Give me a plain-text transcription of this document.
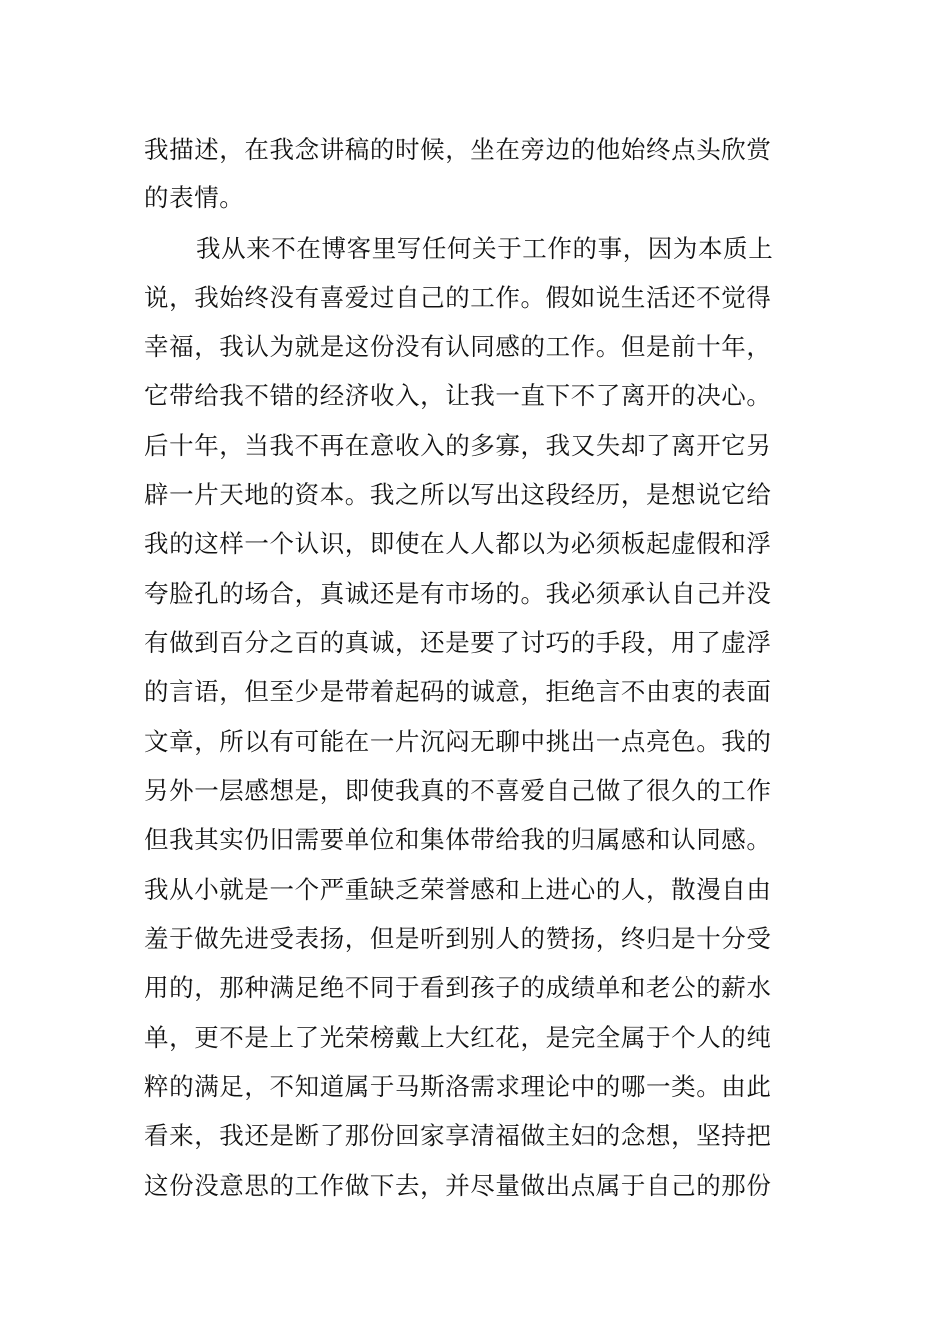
我描述，在我念讲稿的时候，坐在旁边的他始终点头欣赏
的表情。
我从来不在博客里写任何关于工作的事，因为本质上
说，我始终没有喜爱过自己的工作。假如说生活还不觉得
幸福，我认为就是这份没有认同感的工作。但是前十年，
它带给我不错的经济收入，让我一直下不了离开的决心。
后十年，当我不再在意收入的多寡，我又失却了离开它另
辟一片天地的资本。我之所以写出这段经历，是想说它给
我的这样一个认识，即使在人人都以为必须板起虚假和浮
夸脸孔的场合，真诚还是有市场的。我必须承认自己并没
有做到百分之百的真诚，还是要了讨巧的手段，用了虚浮
的言语，但至少是带着起码的诚意，拒绝言不由衷的表面
文章，所以有可能在一片沉闷无聊中挑出一点亮色。我的
另外一层感想是，即使我真的不喜爱自己做了很久的工作
但我其实仍旧需要单位和集体带给我的归属感和认同感。
我从小就是一个严重缺乏荣誉感和上进心的人，散漫自由
羞于做先进受表扬，但是听到别人的赞扬，终归是十分受
用的，那种满足绝不同于看到孩子的成绩单和老公的薪水
单，更不是上了光荣榜戴上大红花，是完全属于个人的纯
粹的满足，不知道属于马斯洛需求理论中的哪一类。由此
看来，我还是断了那份回家享清福做主妇的念想，坚持把
这份没意思的工作做下去，并尽量做出点属于自己的那份
